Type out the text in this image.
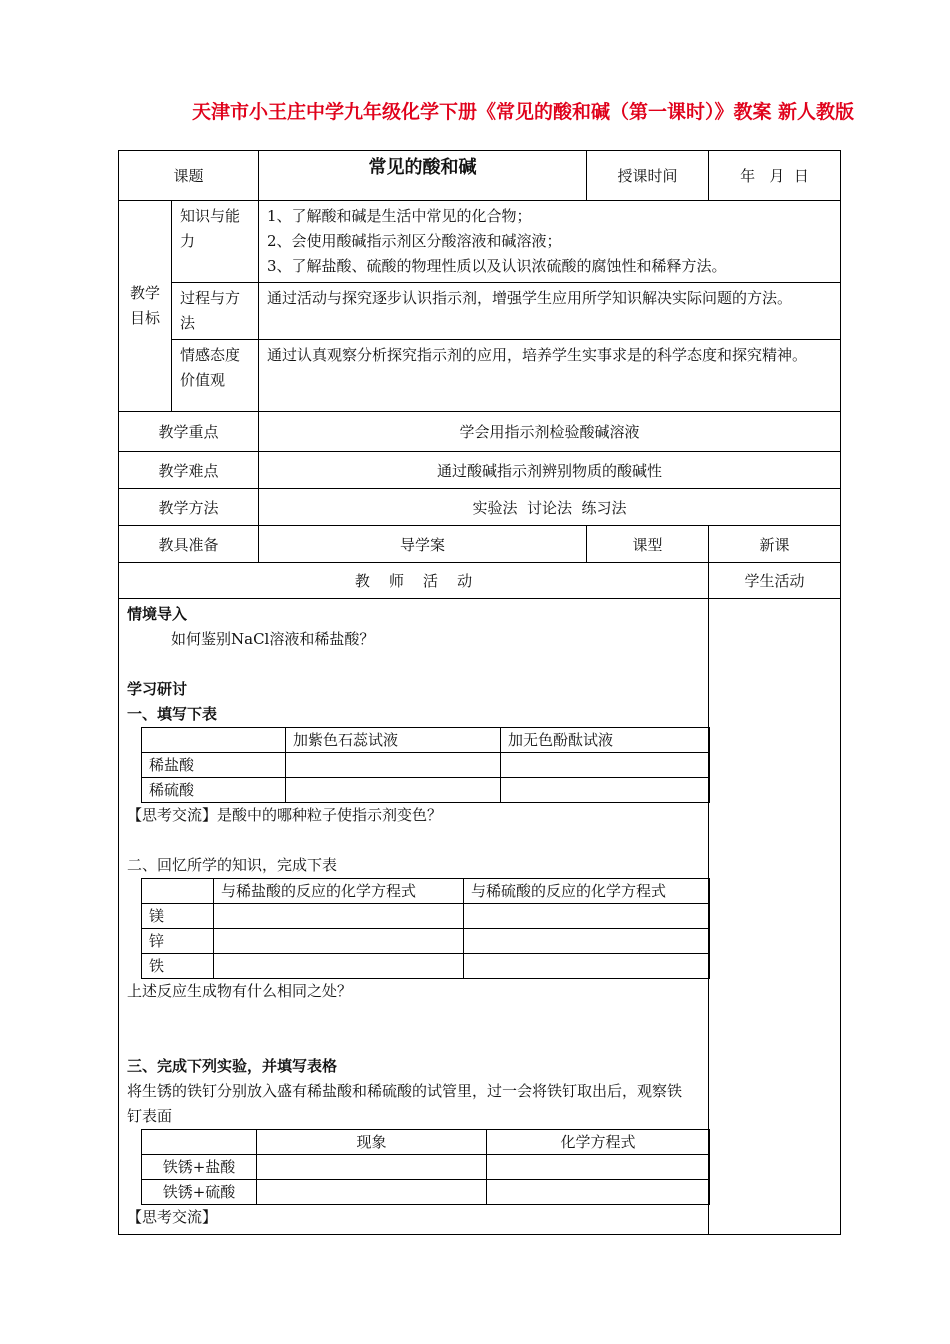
天津市小王庄中学九年级化学下册《常见的酸和碱（第一课时）》教案 新人教版
课题	常见的酸和碱	授课时间	年   月  日
教学目标	知识与能力	
1、了解酸和碱是生活中常见的化合物；
2、会使用酸碱指示剂区分酸溶液和碱溶液；
3、了解盐酸、硫酸的物理性质以及认识浓硫酸的腐蚀性和稀释方法。

过程与方法	通过活动与探究逐步认识指示剂，增强学生应用所学知识解决实际问题的方法。
情感态度价值观	通过认真观察分析探究指示剂的应用，培养学生实事求是的科学态度和探究精神。
教学重点	学会用指示剂检验酸碱溶液
教学难点	通过酸碱指示剂辨别物质的酸碱性
教学方法	实验法  讨论法  练习法
教具准备	导学案	课型	新课
教    师    活    动	学生活动

情境导入
如何鉴别NaCl溶液和稀盐酸？
学习研讨
一、填写下表
	加紫色石蕊试液	加无色酚酞试液
稀盐酸		
稀硫酸		
【思考交流】是酸中的哪种粒子使指示剂变色？
二、回忆所学的知识，完成下表
	与稀盐酸的反应的化学方程式	与稀硫酸的反应的化学方程式
镁		
锌		
铁		
上述反应生成物有什么相同之处？
三、完成下列实验，并填写表格
将生锈的铁钉分别放入盛有稀盐酸和稀硫酸的试管里，过一会将铁钉取出后，观察铁钉表面
	现象	化学方程式
铁锈+盐酸		
铁锈+硫酸		
【思考交流】
